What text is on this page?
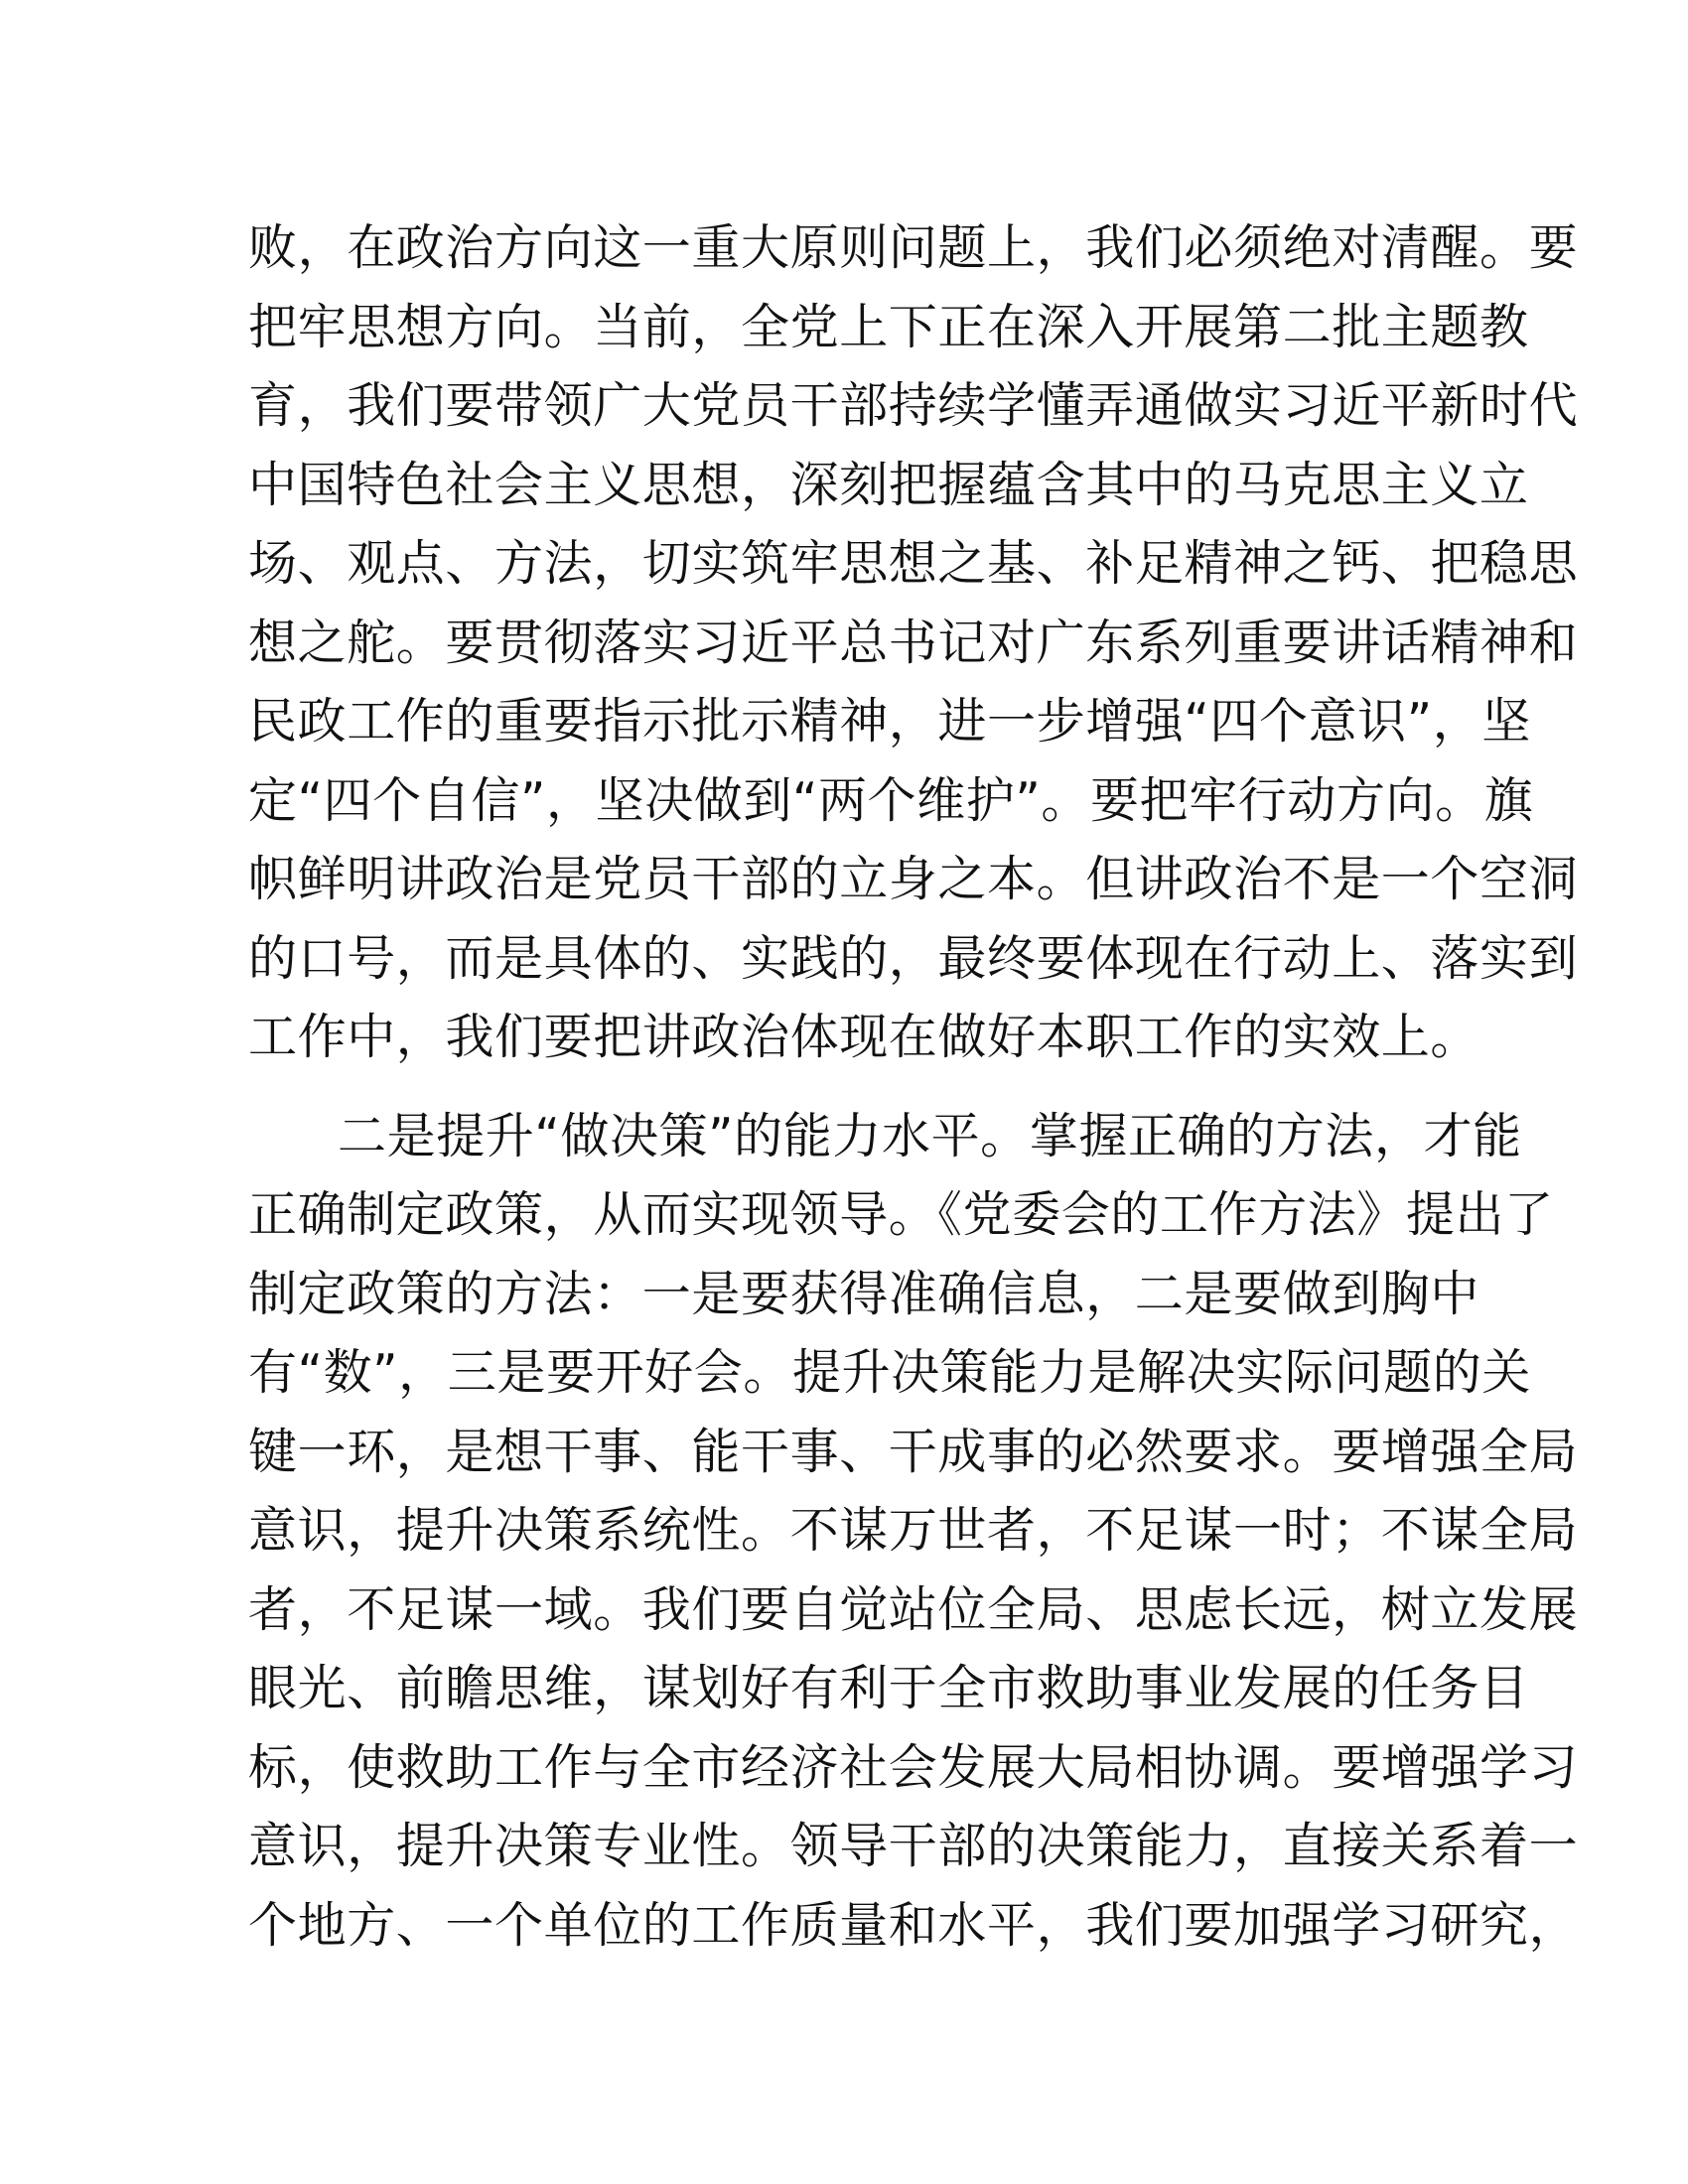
败，在政治方向这一重大原则问题上，我们必须绝对清醒。要
把牢思想方向。当前，全党上下正在深入开展第二批主题教
育，我们要带领广大党员干部持续学懂弄通做实习近平新时代
中国特色社会主义思想，深刻把握蕴含其中的马克思主义立
场、观点、方法，切实筑牢思想之基、补足精神之钙、把稳思
想之舵。要贯彻落实习近平总书记对广东系列重要讲话精神和
民政工作的重要指示批示精神，进一步增强“四个意识”，坚
定“四个自信”，坚决做到“两个维护”。要把牢行动方向。旗
帜鲜明讲政治是党员干部的立身之本。但讲政治不是一个空洞
的口号，而是具体的、实践的，最终要体现在行动上、落实到
工作中，我们要把讲政治体现在做好本职工作的实效上。
二是提升“做决策”的能力水平。掌握正确的方法，才能
正确制定政策，从而实现领导。《党委会的工作方法》提出了
制定政策的方法：一是要获得准确信息，二是要做到胸中
有“数”，三是要开好会。提升决策能力是解决实际问题的关
键一环，是想干事、能干事、干成事的必然要求。要增强全局
意识，提升决策系统性。不谋万世者，不足谋一时；不谋全局
者，不足谋一域。我们要自觉站位全局、思虑长远，树立发展
眼光、前瞻思维，谋划好有利于全市救助事业发展的任务目
标，使救助工作与全市经济社会发展大局相协调。要增强学习
意识，提升决策专业性。领导干部的决策能力，直接关系着一
个地方、一个单位的工作质量和水平，我们要加强学习研究，
